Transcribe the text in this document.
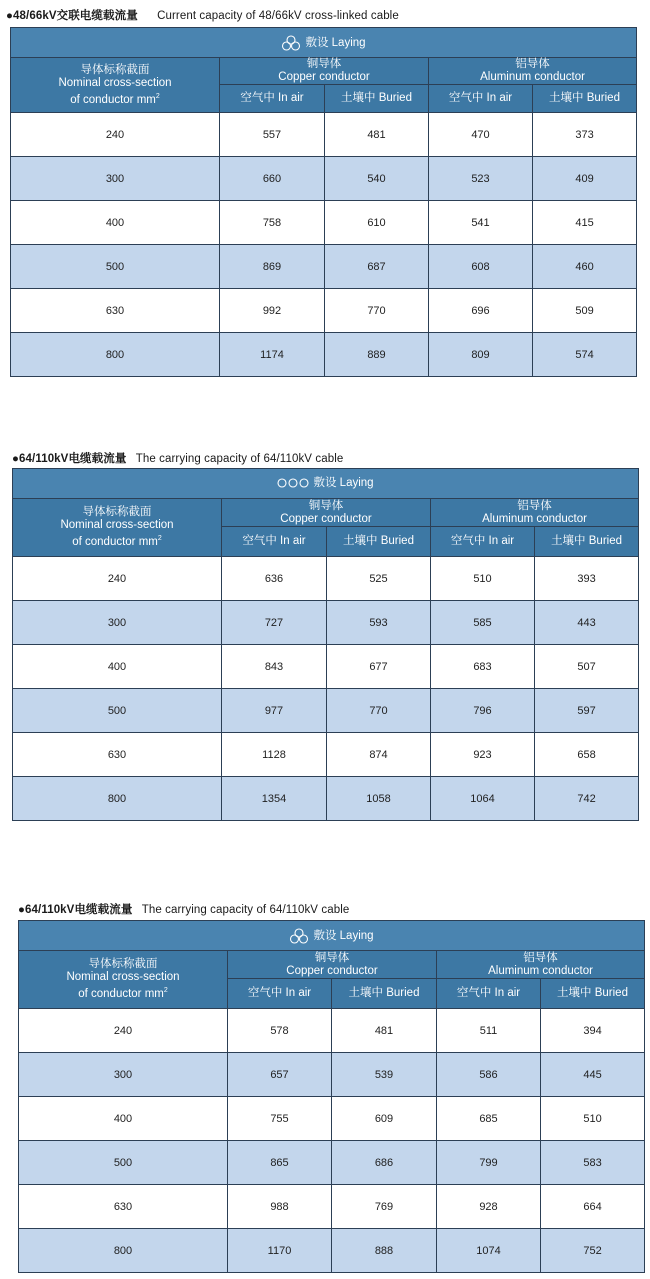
●48/66kV交联电缆载流量 Current capacity of 48/66kV cross-linked cable
敷设 Laying				

导体标称截面
Nominal cross-section
of conductor $mm^2$	铜导体
Copper conductor		铝导体
Aluminum conductor	

	空气中 In air	土壤中 Buried	空气中 In air	土壤中 Buried
240	557	481	470	373
300	660	540	523	409
400	758	610	541	415
500	869	687	608	460
630	992	770	696	509
800	1174	889	809	574
●64/110kV电缆载流量 The carrying capacity of 64/110kV cable
敷设 Laying				

导体标称截面
Nominal cross-section
of conductor $mm^2$	铜导体
Copper conductor		铝导体
Aluminum conductor	

	空气中 In air	土壤中 Buried	空气中 In air	土壤中 Buried
240	636	525	510	393
300	727	593	585	443
400	843	677	683	507
500	977	770	796	597
630	1128	874	923	658
800	1354	1058	1064	742
●64/110kV电缆载流量 The carrying capacity of 64/110kV cable
敷设 Laying				

导体标称截面
Nominal cross-section
of conductor $mm^2$	铜导体
Copper conductor		铝导体
Aluminum conductor	

	空气中 In air	土壤中 Buried	空气中 In air	土壤中 Buried
240	578	481	511	394
300	657	539	586	445
400	755	609	685	510
500	865	686	799	583
630	988	769	928	664
800	1170	888	1074	752
